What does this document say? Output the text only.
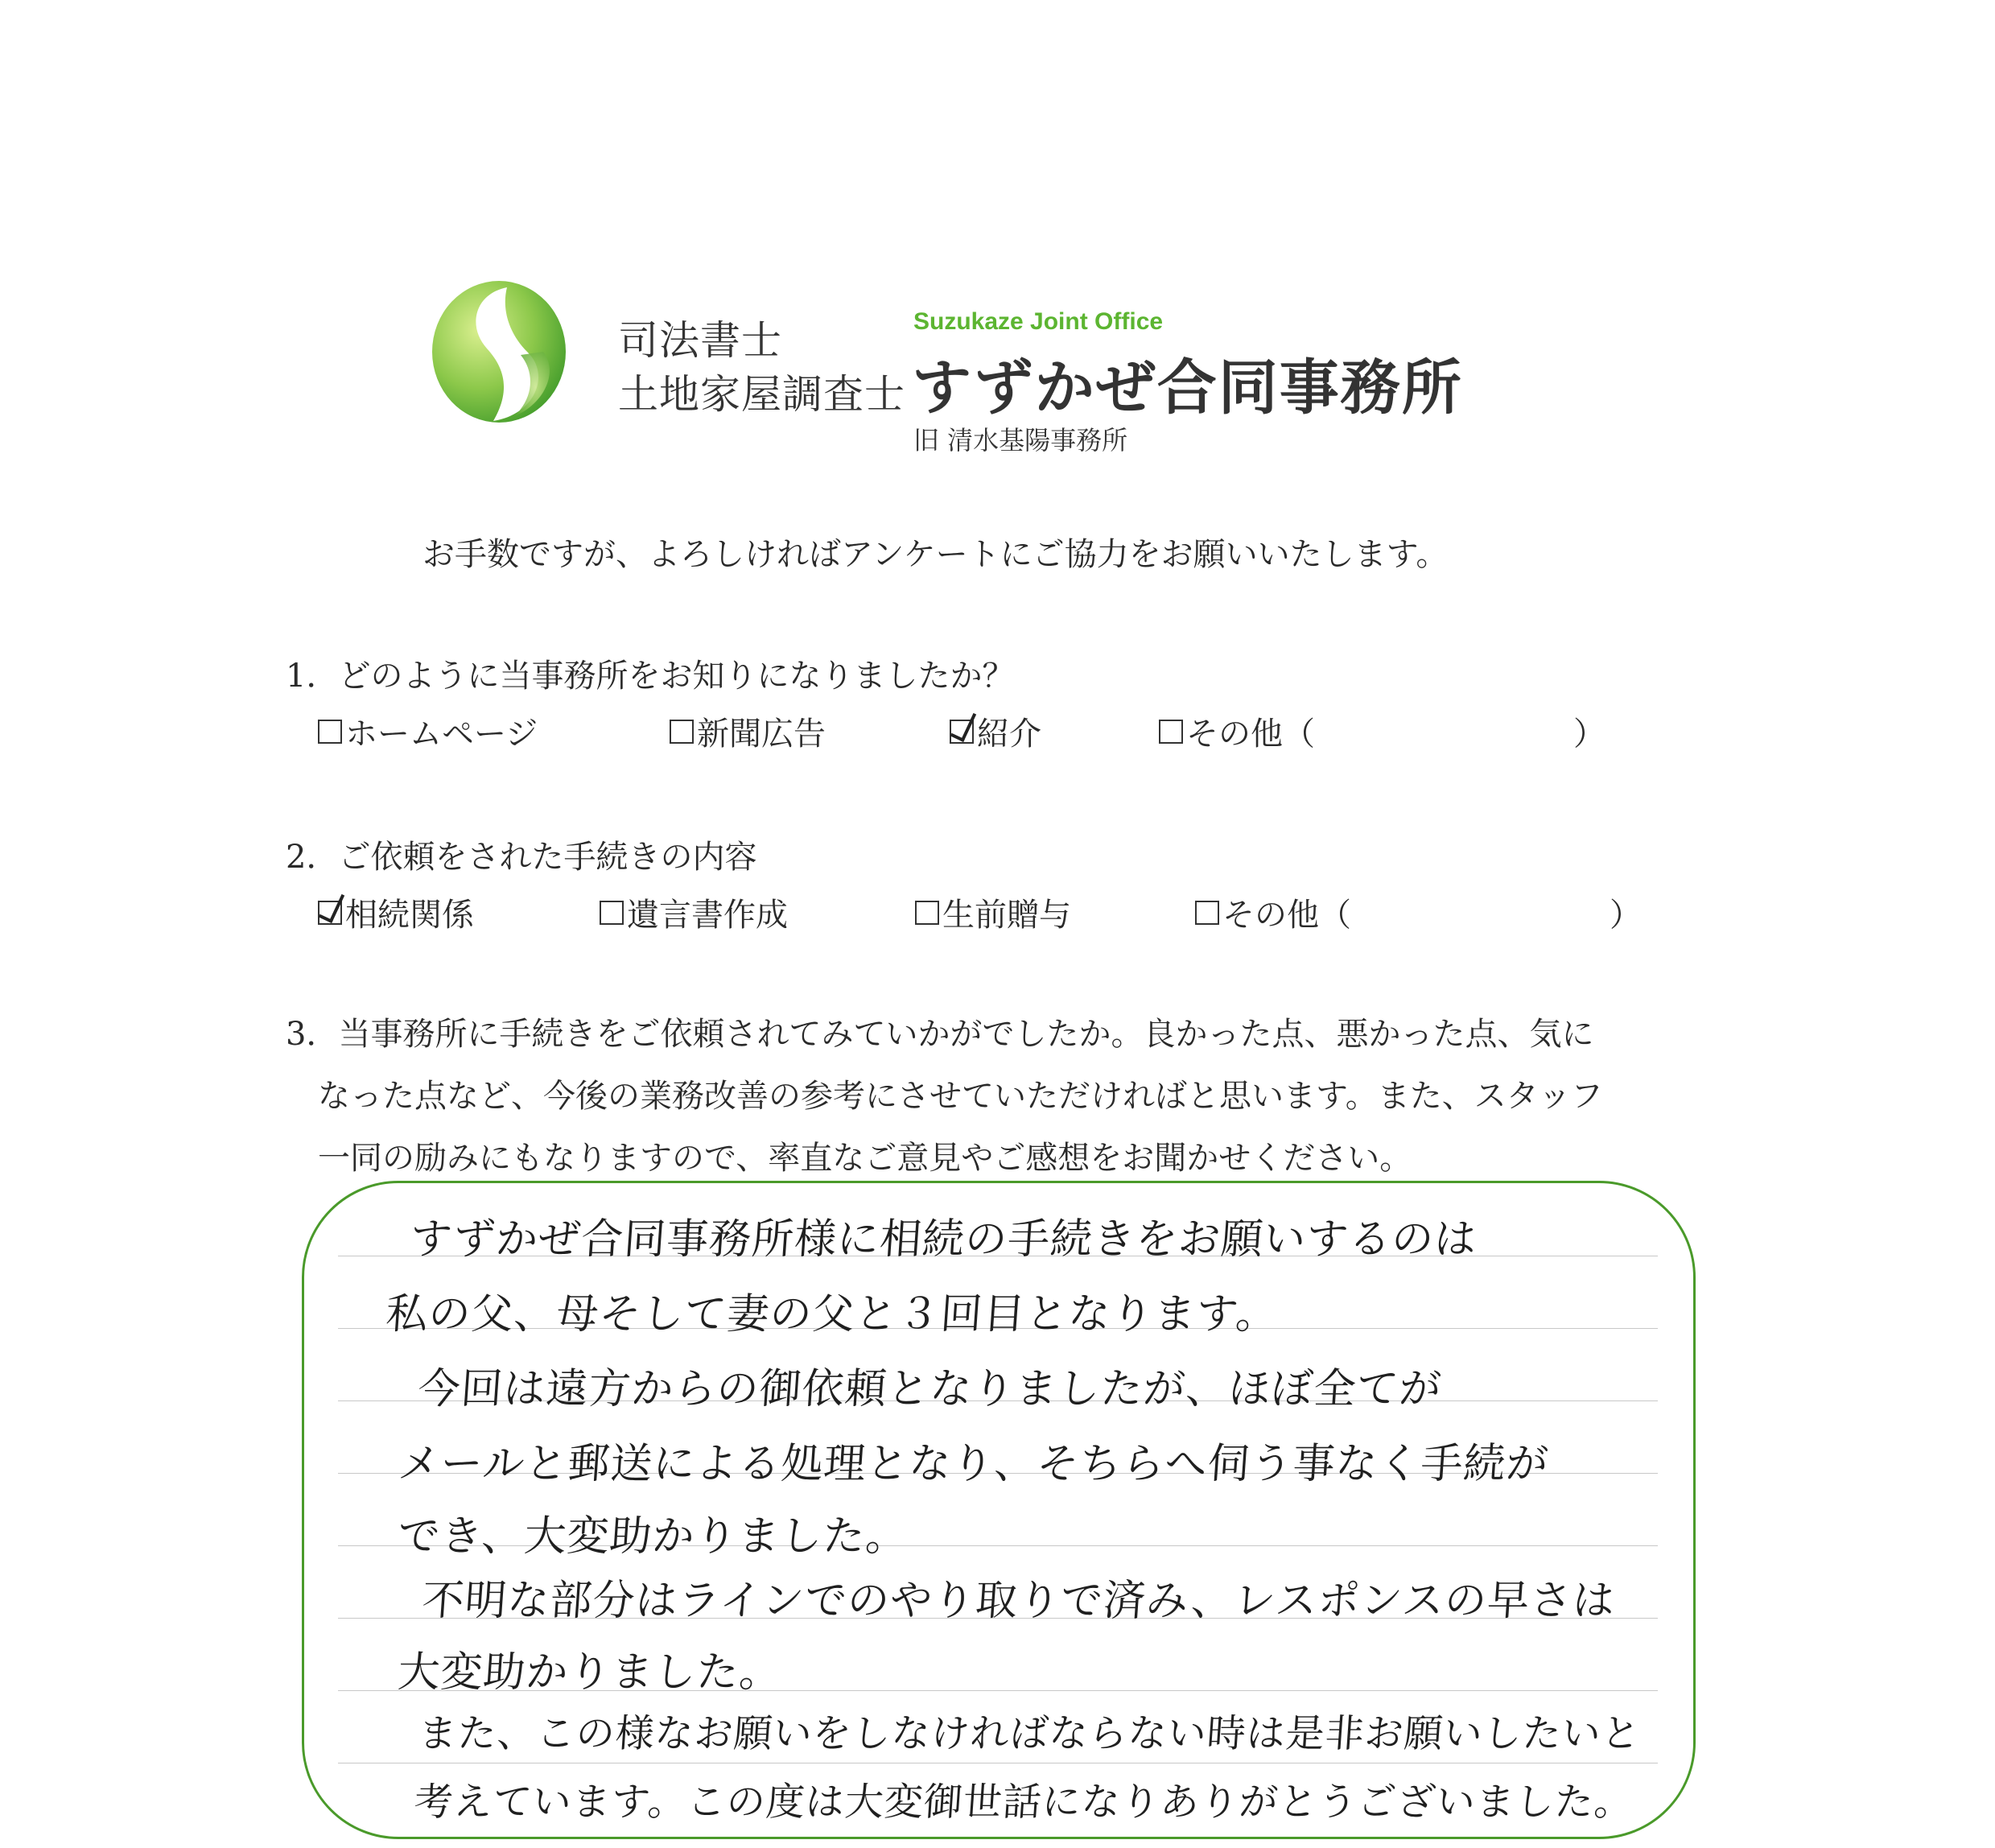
司法書士
土地家屋調査士
Suzukaze Joint Office
すずかぜ合同事務所
旧 清水基陽事務所
お手数ですが、よろしければアンケートにご協力をお願いいたします。
1．どのように当事務所をお知りになりましたか？
ホームページ	新聞広告	紹介	その他（	）
2．ご依頼をされた手続きの内容
相続関係	遺言書作成	生前贈与	その他（	）
3．当事務所に手続きをご依頼されてみていかがでしたか。良かった点、悪かった点、気に
なった点など、今後の業務改善の参考にさせていただければと思います。また、スタッフ
一同の励みにもなりますので、率直なご意見やご感想をお聞かせください。
すずかぜ合同事務所様に相続の手続きをお願いするのは
私の父、母そして妻の父と３回目となります。
今回は遠方からの御依頼となりましたが、ほぼ全てが
メールと郵送による処理となり、そちらへ伺う事なく手続が
でき、大変助かりました。
不明な部分はラインでのやり取りで済み、レスポンスの早さは
大変助かりました。
また、この様なお願いをしなければならない時は是非お願いしたいと
考えています。この度は大変御世話になりありがとうございました。
